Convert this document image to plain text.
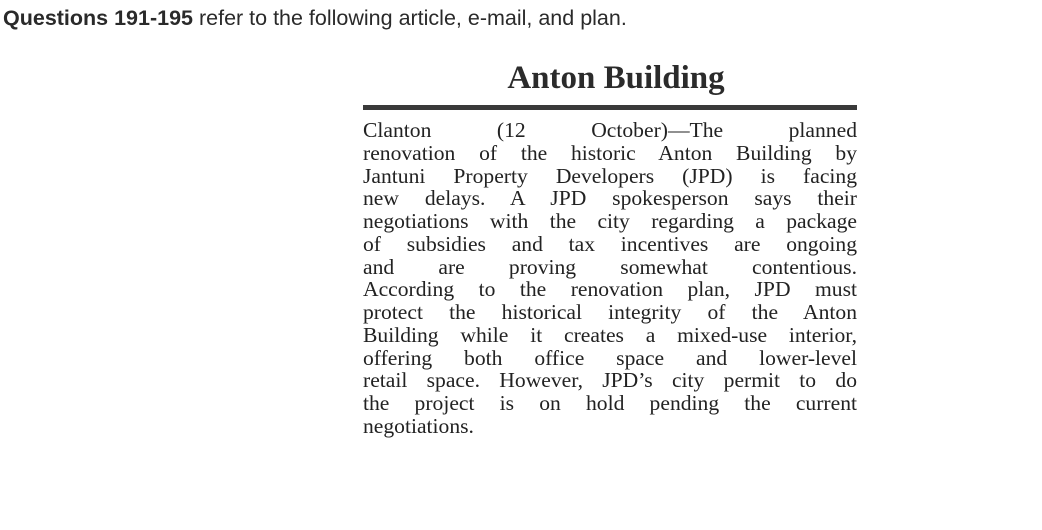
Questions 191-195 refer to the following article, e-mail, and plan.
Anton Building
Clanton (12 October)—The planned
renovation of the historic Anton Building by
Jantuni Property Developers (JPD) is facing
new delays. A JPD spokesperson says their
negotiations with the city regarding a package
of subsidies and tax incentives are ongoing
and are proving somewhat contentious.
According to the renovation plan, JPD must
protect the historical integrity of the Anton
Building while it creates a mixed-use interior,
offering both office space and lower-level
retail space. However, JPD’s city permit to do
the project is on hold pending the current
negotiations.
